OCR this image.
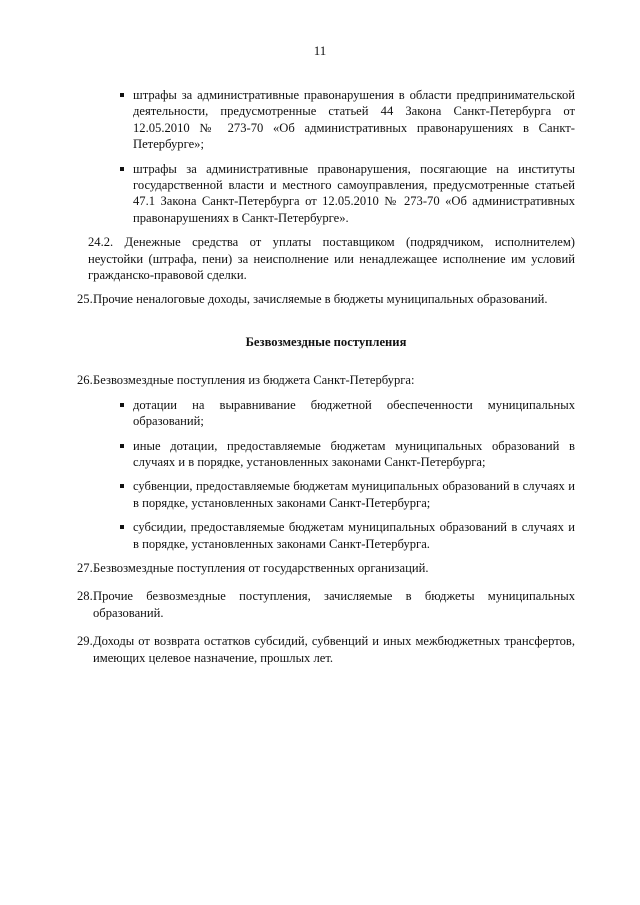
11
штрафы за административные правонарушения в области предпринимательской деятельности, предусмотренные статьей 44 Закона Санкт-Петербурга от 12.05.2010 № 273-70 «Об административных правонарушениях в Санкт-Петербурге»;
штрафы за административные правонарушения, посягающие на институты государственной власти и местного самоуправления, предусмотренные статьей 47.1 Закона Санкт-Петербурга от 12.05.2010 № 273-70 «Об административных правонарушениях в Санкт-Петербурге».
24.2. Денежные средства от уплаты поставщиком (подрядчиком, исполнителем) неустойки (штрафа, пени) за неисполнение или ненадлежащее исполнение им условий гражданско-правовой сделки.
25. Прочие неналоговые доходы, зачисляемые в бюджеты муниципальных образований.
Безвозмездные поступления
26. Безвозмездные поступления из бюджета Санкт-Петербурга:
дотации на выравнивание бюджетной обеспеченности муниципальных образований;
иные дотации, предоставляемые бюджетам муниципальных образований в случаях и в порядке, установленных законами Санкт-Петербурга;
субвенции, предоставляемые бюджетам муниципальных образований в случаях и в порядке, установленных законами Санкт-Петербурга;
субсидии, предоставляемые бюджетам муниципальных образований в случаях и в порядке, установленных законами Санкт-Петербурга.
27. Безвозмездные поступления от государственных организаций.
28. Прочие безвозмездные поступления, зачисляемые в бюджеты муниципальных образований.
29. Доходы от возврата остатков субсидий, субвенций и иных межбюджетных трансфертов, имеющих целевое назначение, прошлых лет.
